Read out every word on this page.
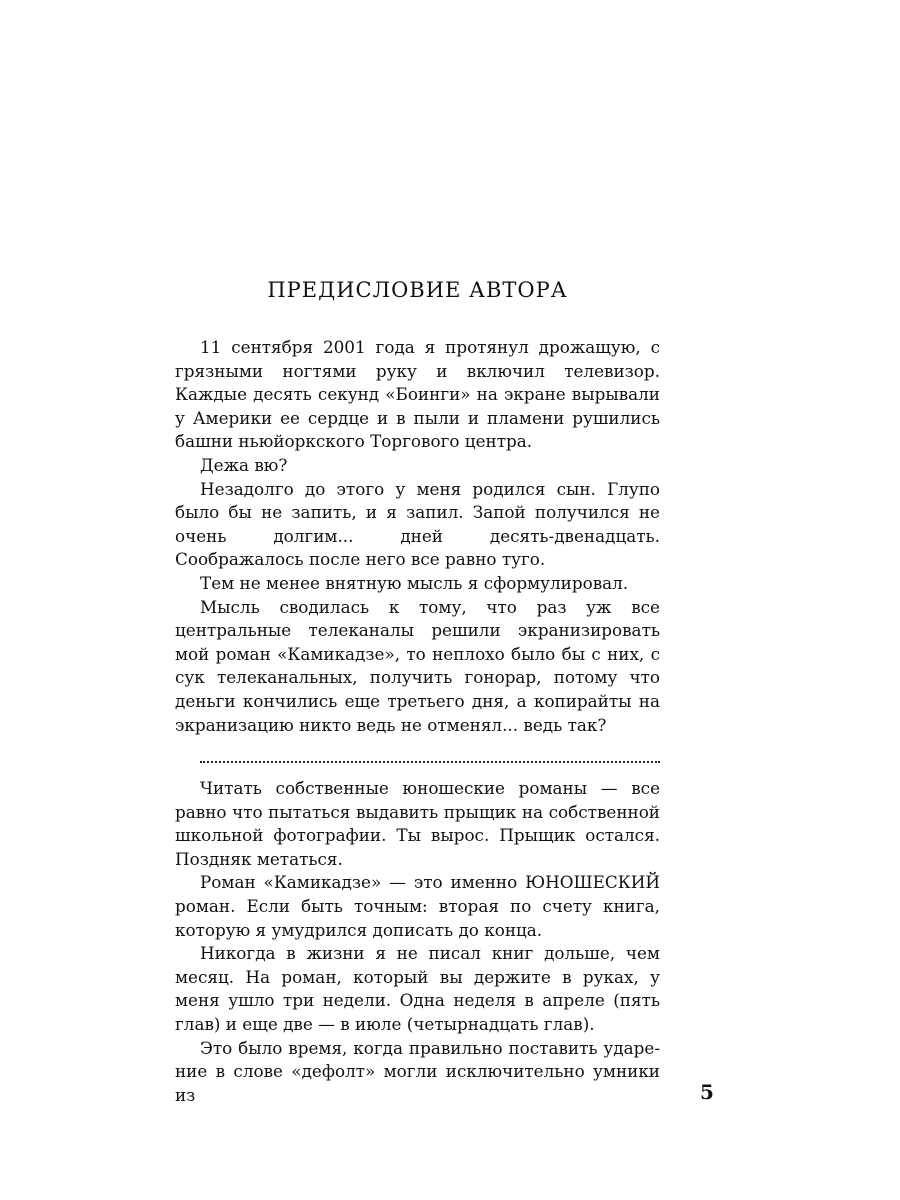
ПРЕДИСЛОВИЕ АВТОРА

11 сентября 2001 года я протянул дрожащую, с грязными ногтями руку и включил телевизор. Каждые десять секунд «Боинги» на экране вырывали у Америки ее сердце и в пыли и пламени рушились башни ньюйоркского Торгового центра.

Дежа вю?

Незадолго до этого у меня родился сын. Глупо было бы не запить, и я запил. Запой получился не очень долгим... дней десять-двенадцать. Соображалось после него все равно туго.

Тем не менее внятную мысль я сформулировал.

Мысль сводилась к тому, что раз уж все центральные телеканалы решили экранизировать мой роман «Камикадзе», то неплохо было бы с них, с сук телеканальных, получить гонорар, потому что деньги кончились еще третьего дня, а копирайты на экранизацию никто ведь не отменял... ведь так?

Читать собственные юношеские романы — все равно что пытаться выдавить прыщик на собственной школьной фотографии. Ты вырос. Прыщик остался. Поздняк метаться.

Роман «Камикадзе» — это именно ЮНОШЕСКИЙ роман. Если быть точным: вторая по счету книга, которую я умудрился дописать до конца.

Никогда в жизни я не писал книг дольше, чем месяц. На роман, который вы держите в руках, у меня ушло три недели. Одна неделя в апреле (пять глав) и еще две — в июле (четырнадцать глав).

Это было время, когда правильно поставить ударение в слове «дефолт» могли исключительно умники из	5
